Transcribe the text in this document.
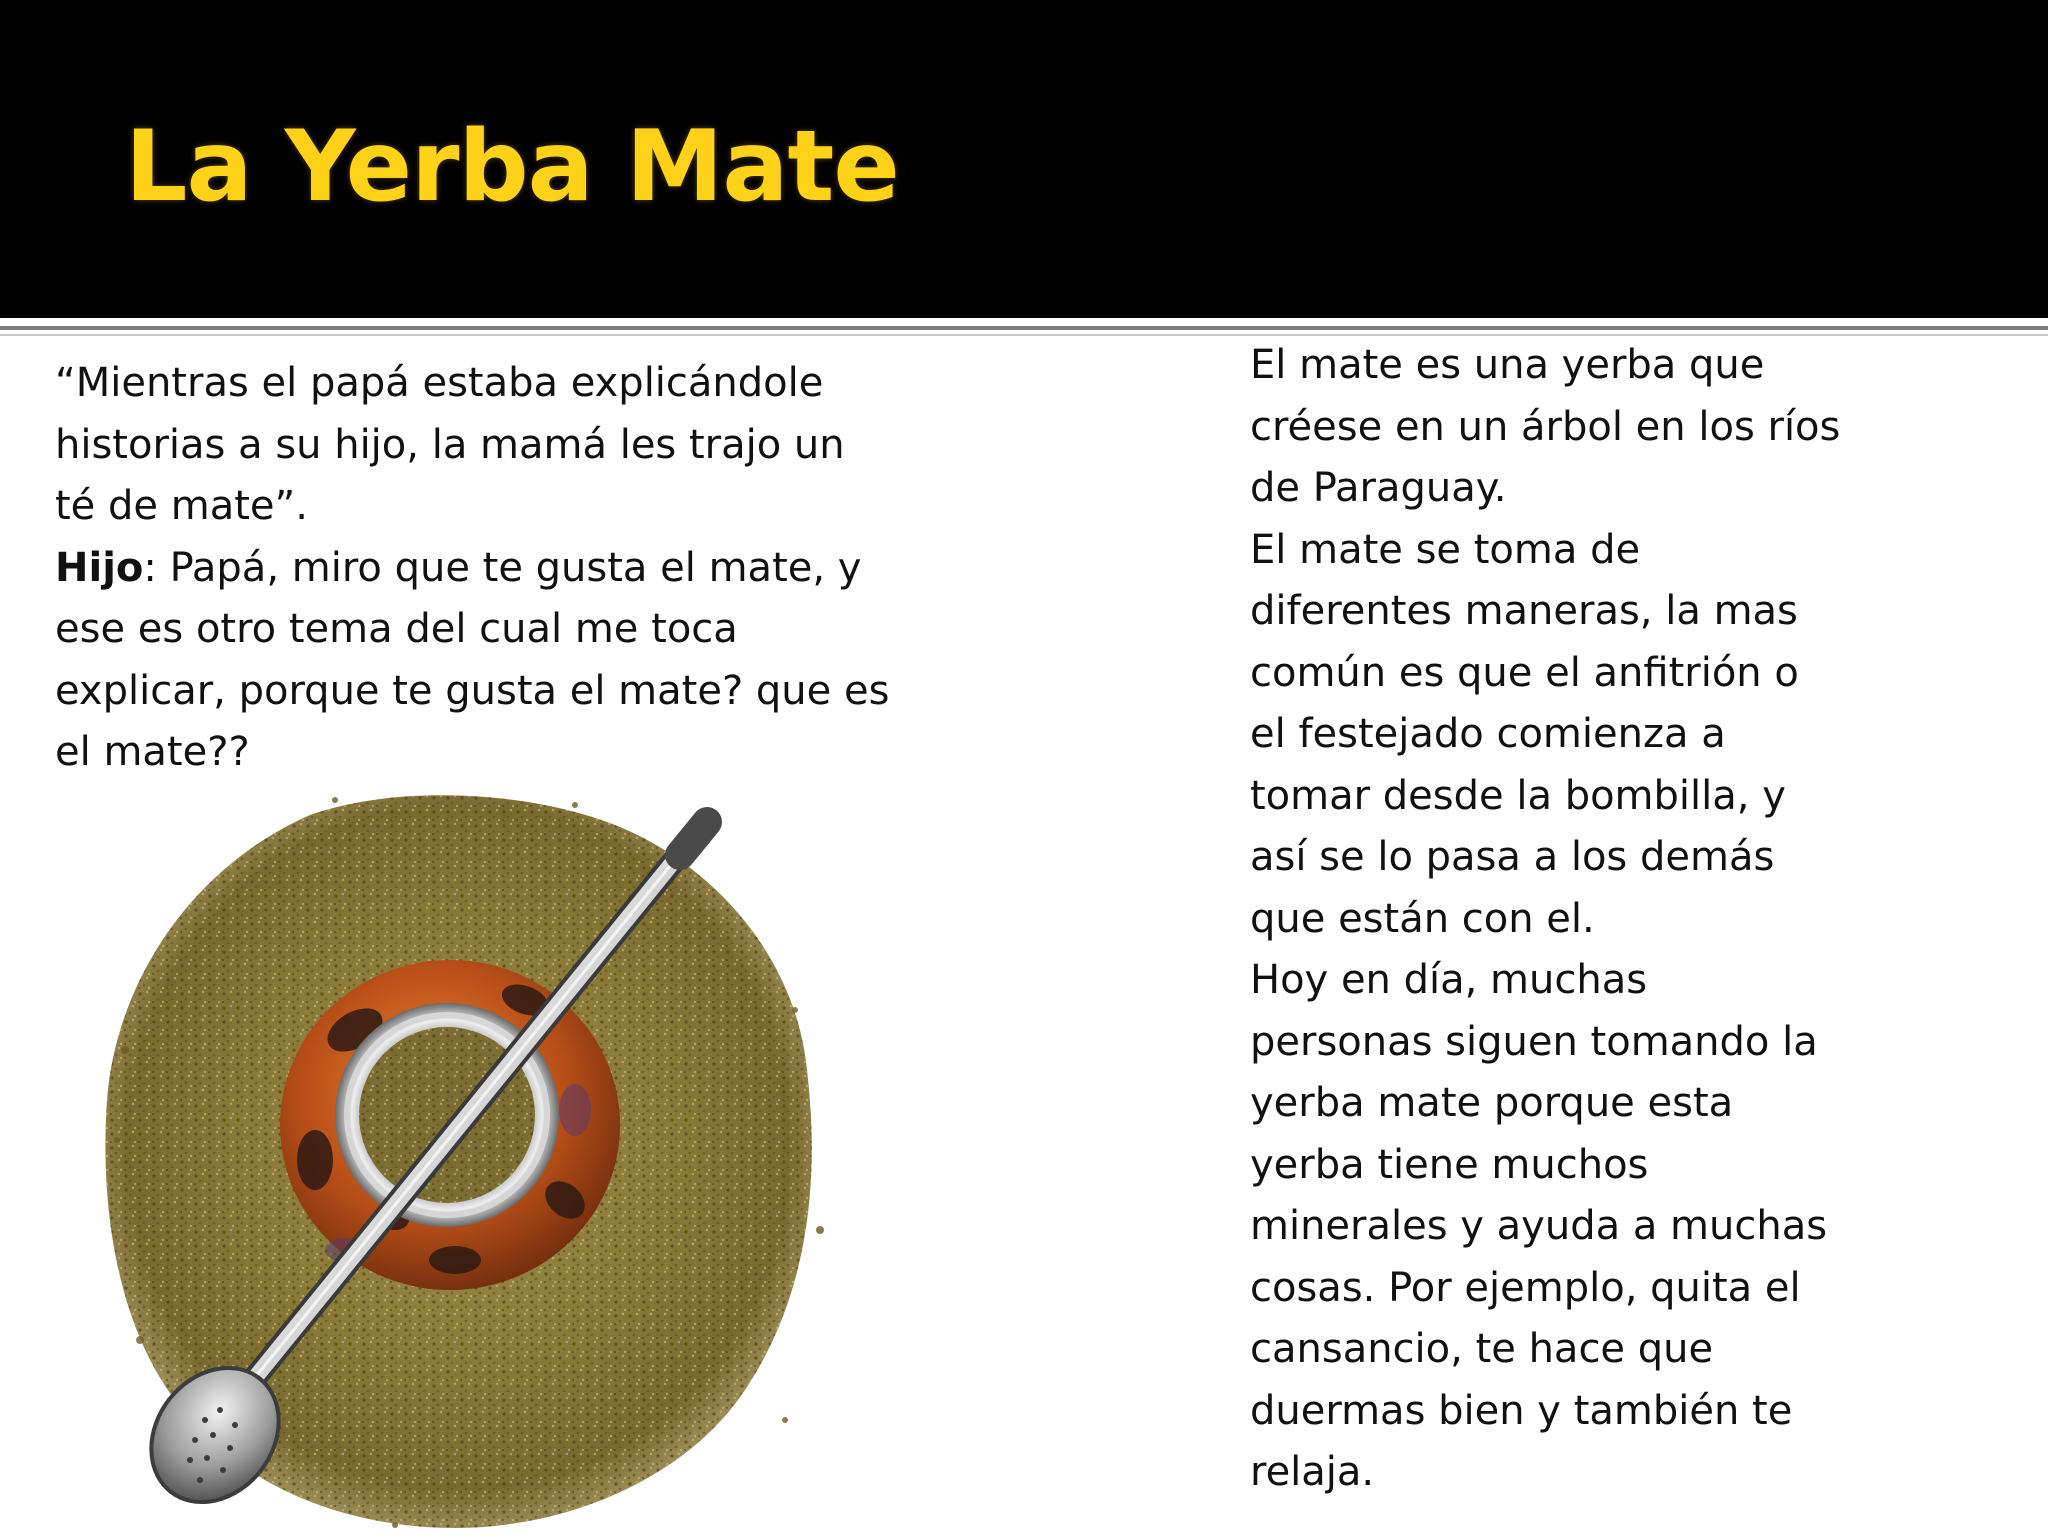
La Yerba Mate
“Mientras el papá estaba explicándole
historias a su hijo, la mamá les trajo un
té de mate”.
Hijo: Papá, miro que te gusta el mate, y
ese es otro tema del cual me toca
explicar, porque te gusta el mate? que es
el mate??
El mate es una yerba que
créese en un árbol en los ríos
de Paraguay.
El mate se toma de
diferentes maneras, la mas
común es que el anfitrión o
el festejado comienza a
tomar desde la bombilla, y
así se lo pasa a los demás
que están con el.
Hoy en día, muchas
personas siguen tomando la
yerba mate porque esta
yerba tiene muchos
minerales y ayuda a muchas
cosas. Por ejemplo, quita el
cansancio, te hace que
duermas bien y también te
relaja.
